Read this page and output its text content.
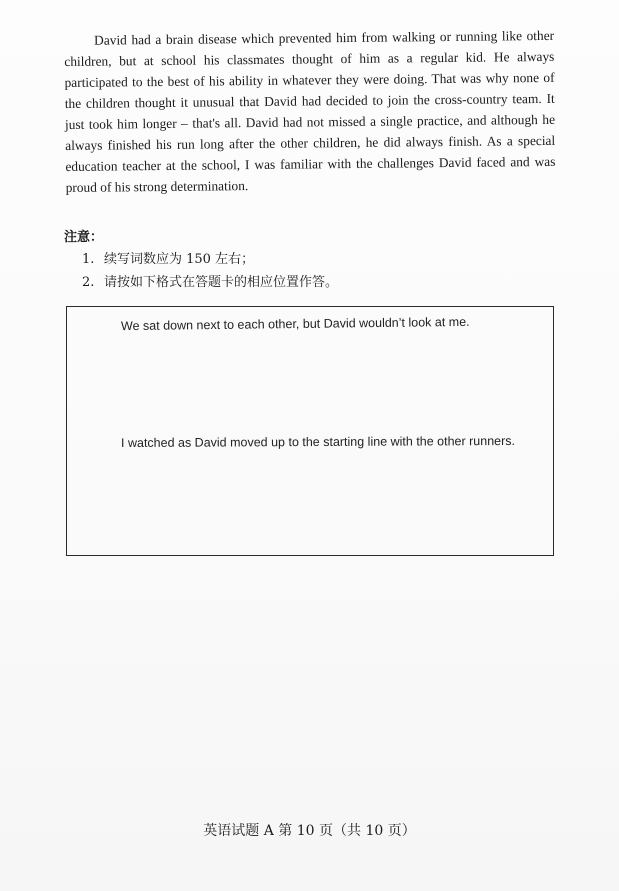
David had a brain disease which prevented him from walking or running like other children, but at school his classmates thought of him as a regular kid. He always participated to the best of his ability in whatever they were doing. That was why none of the children thought it unusual that David had decided to join the cross-country team. It just took him longer – that's all. David had not missed a single practice, and although he always finished his run long after the other children, he did always finish. As a special education teacher at the school, I was familiar with the challenges David faced and was proud of his strong determination.

注意：
1. 续写词数应为 150 左右；
2. 请按如下格式在答题卡的相应位置作答。
We sat down next to each other, but David wouldn’t look at me.
I watched as David moved up to the starting line with the other runners.
英语试题 A 第 10 页（共 10 页）
